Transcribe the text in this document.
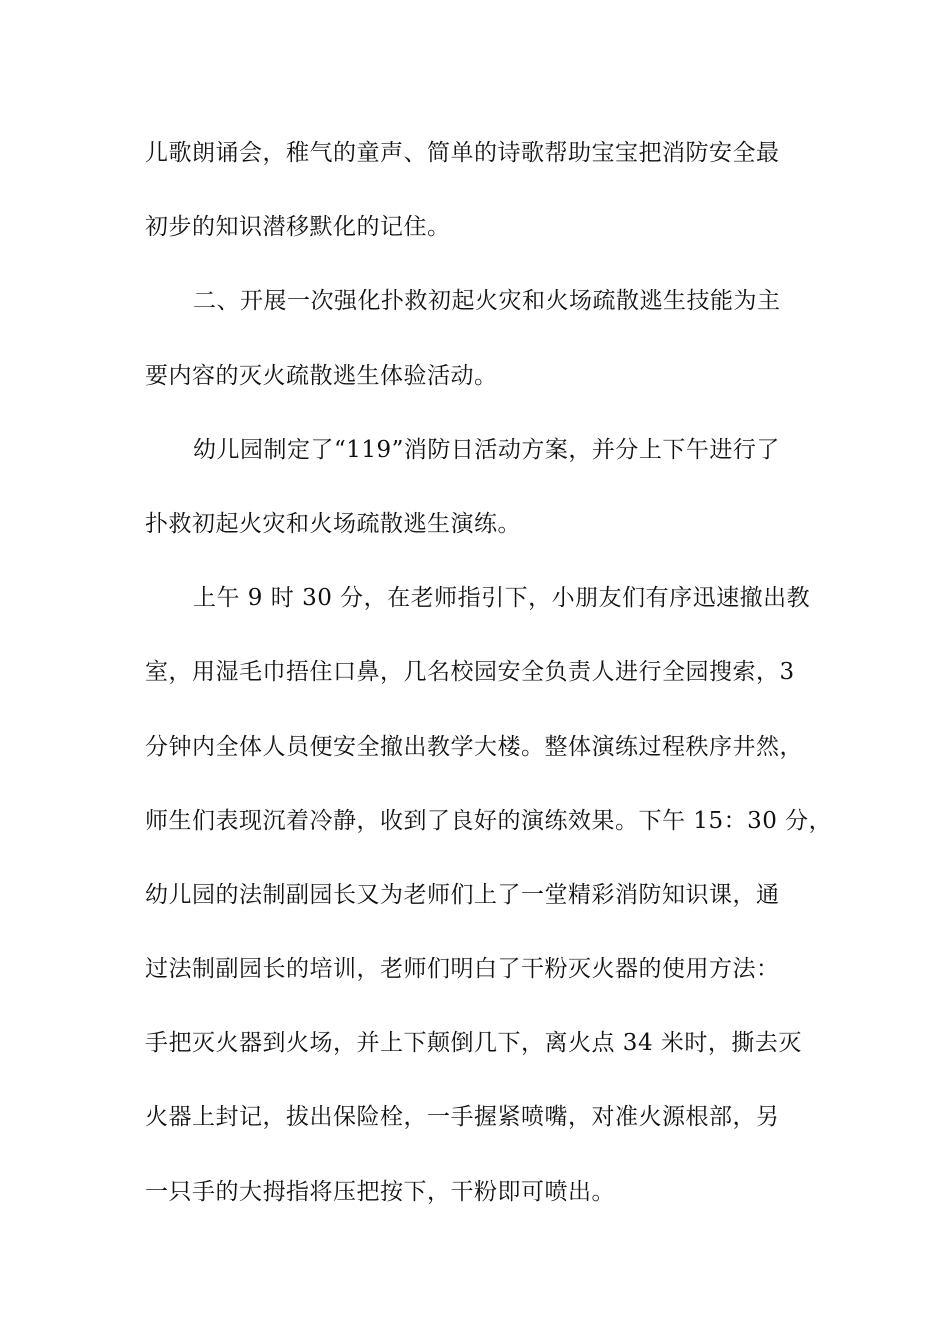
儿歌朗诵会，稚气的童声、简单的诗歌帮助宝宝把消防安全最
初步的知识潜移默化的记住。
二、开展一次强化扑救初起火灾和火场疏散逃生技能为主
要内容的灭火疏散逃生体验活动。
幼儿园制定了“119”消防日活动方案，并分上下午进行了
扑救初起火灾和火场疏散逃生演练。
上午 9 时 30 分，在老师指引下，小朋友们有序迅速撤出教
室，用湿毛巾捂住口鼻，几名校园安全负责人进行全园搜索，3
分钟内全体人员便安全撤出教学大楼。整体演练过程秩序井然，
师生们表现沉着冷静，收到了良好的演练效果。下午 15：30 分，
幼儿园的法制副园长又为老师们上了一堂精彩消防知识课，通
过法制副园长的培训，老师们明白了干粉灭火器的使用方法：
手把灭火器到火场，并上下颠倒几下，离火点 34 米时，撕去灭
火器上封记，拔出保险栓，一手握紧喷嘴，对准火源根部，另
一只手的大拇指将压把按下，干粉即可喷出。
